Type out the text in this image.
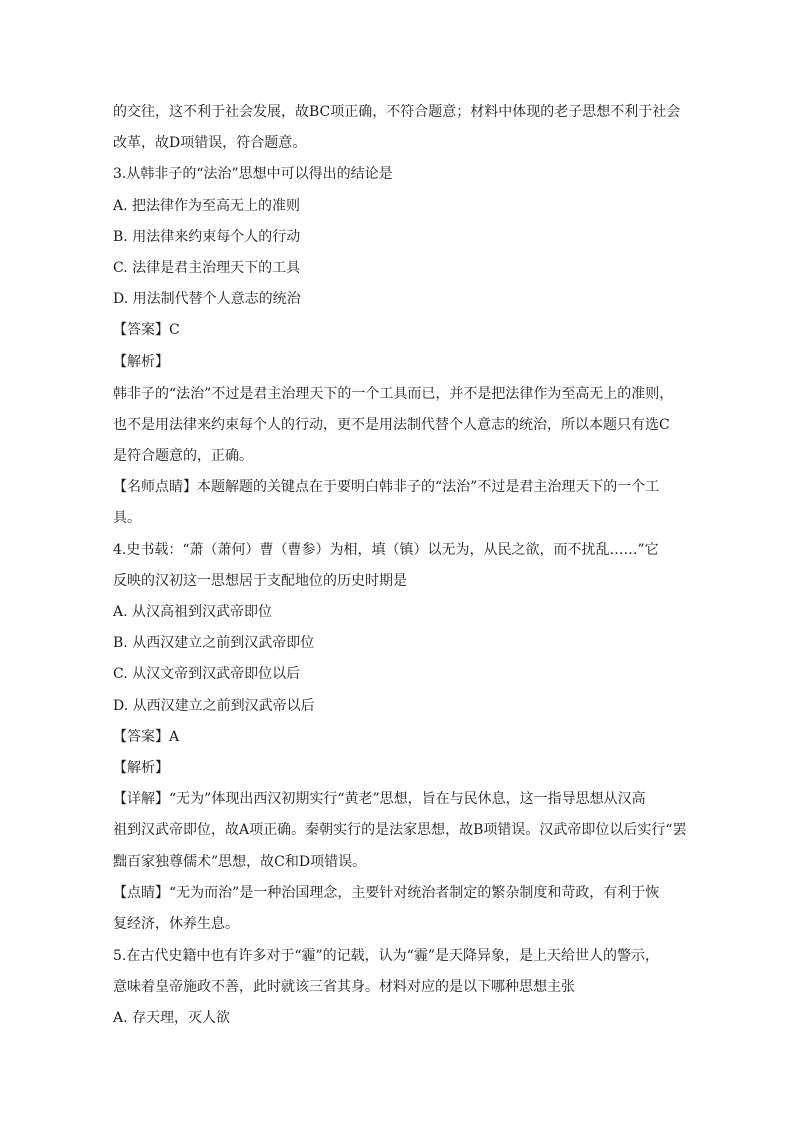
的交往，这不利于社会发展，故BC项正确，不符合题意；材料中体现的老子思想不利于社会
改革，故D项错误，符合题意。
3.从韩非子的“法治”思想中可以得出的结论是
A. 把法律作为至高无上的准则
B. 用法律来约束每个人的行动
C. 法律是君主治理天下的工具
D. 用法制代替个人意志的统治
【答案】C
【解析】
韩非子的“法治”不过是君主治理天下的一个工具而已，并不是把法律作为至高无上的准则，
也不是用法律来约束每个人的行动，更不是用法制代替个人意志的统治，所以本题只有选C
是符合题意的，正确。
【名师点睛】本题解题的关键点在于要明白韩非子的“法治”不过是君主治理天下的一个工
具。
4.史书载：“萧（萧何）曹（曹参）为相，填（镇）以无为，从民之欲，而不扰乱……”它
反映的汉初这一思想居于支配地位的历史时期是
A. 从汉高祖到汉武帝即位
B. 从西汉建立之前到汉武帝即位
C. 从汉文帝到汉武帝即位以后
D. 从西汉建立之前到汉武帝以后
【答案】A
【解析】
【详解】“无为”体现出西汉初期实行“黄老”思想，旨在与民休息，这一指导思想从汉高
祖到汉武帝即位，故A项正确。秦朝实行的是法家思想，故B项错误。汉武帝即位以后实行“罢
黜百家独尊儒术”思想，故C和D项错误。
【点睛】“无为而治”是一种治国理念，主要针对统治者制定的繁杂制度和苛政，有利于恢
复经济，休养生息。
5.在古代史籍中也有许多对于“霾”的记载，认为“霾”是天降异象，是上天给世人的警示，
意味着皇帝施政不善，此时就该三省其身。材料对应的是以下哪种思想主张
A. 存天理，灭人欲
